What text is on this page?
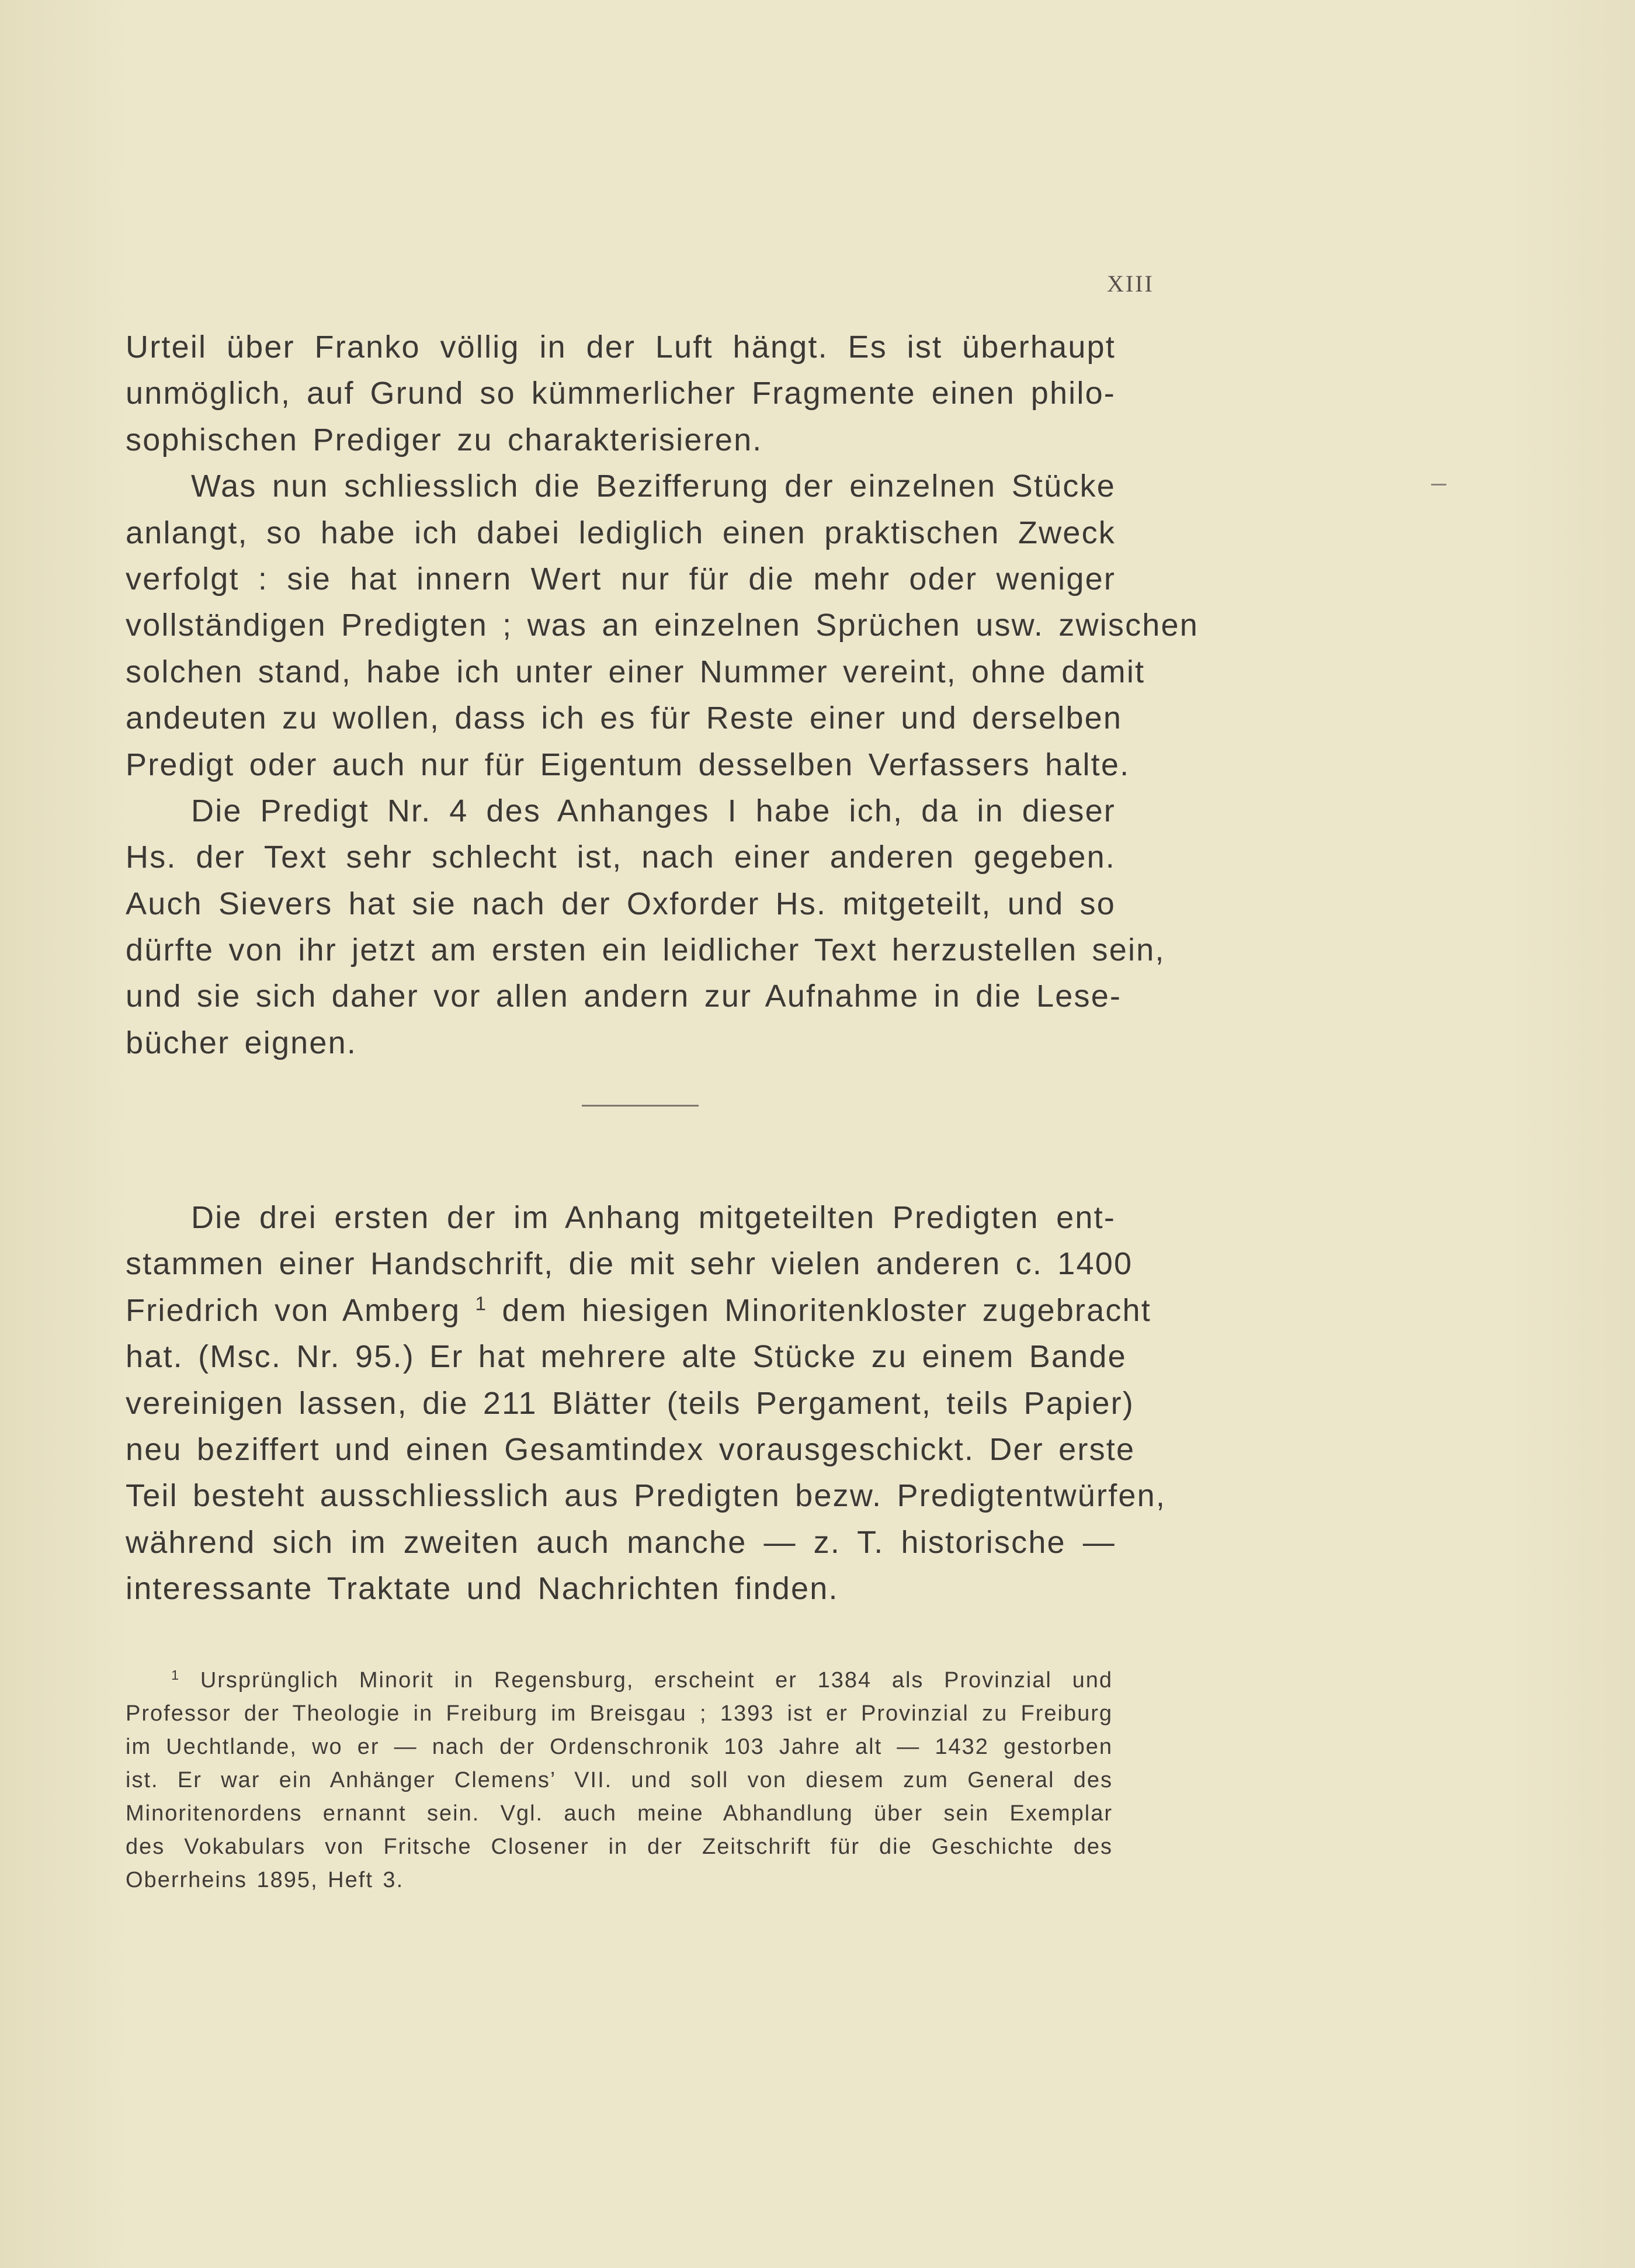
XIII
Urteil über Franko völlig in der Luft hängt. Es ist überhaupt
unmöglich, auf Grund so kümmerlicher Fragmente einen philo-
sophischen Prediger zu charakterisieren.
Was nun schliesslich die Bezifferung der einzelnen Stücke
anlangt, so habe ich dabei lediglich einen praktischen Zweck
verfolgt : sie hat innern Wert nur für die mehr oder weniger
vollständigen Predigten ; was an einzelnen Sprüchen usw. zwischen
solchen stand, habe ich unter einer Nummer vereint, ohne damit
andeuten zu wollen, dass ich es für Reste einer und derselben
Predigt oder auch nur für Eigentum desselben Verfassers halte.
Die Predigt Nr. 4 des Anhanges I habe ich, da in dieser
Hs. der Text sehr schlecht ist, nach einer anderen gegeben.
Auch Sievers hat sie nach der Oxforder Hs. mitgeteilt, und so
dürfte von ihr jetzt am ersten ein leidlicher Text herzustellen sein,
und sie sich daher vor allen andern zur Aufnahme in die Lese-
bücher eignen.
Die drei ersten der im Anhang mitgeteilten Predigten ent-
stammen einer Handschrift, die mit sehr vielen anderen c. 1400
Friedrich von Amberg $^1$ dem hiesigen Minoritenkloster zugebracht
hat. (Msc. Nr. 95.) Er hat mehrere alte Stücke zu einem Bande
vereinigen lassen, die 211 Blätter (teils Pergament, teils Papier)
neu beziffert und einen Gesamtindex vorausgeschickt. Der erste
Teil besteht ausschliesslich aus Predigten bezw. Predigtentwürfen,
während sich im zweiten auch manche — z. T. historische —
interessante Traktate und Nachrichten finden.
$^1$ Ursprünglich Minorit in Regensburg, erscheint er 1384 als Provinzial und
Professor der Theologie in Freiburg im Breisgau ; 1393 ist er Provinzial zu Freiburg
im Uechtlande, wo er — nach der Ordenschronik 103 Jahre alt — 1432 gestorben
ist. Er war ein Anhänger Clemens’ VII. und soll von diesem zum General des
Minoritenordens ernannt sein. Vgl. auch meine Abhandlung über sein Exemplar
des Vokabulars von Fritsche Closener in der Zeitschrift für die Geschichte des
Oberrheins 1895, Heft 3.
